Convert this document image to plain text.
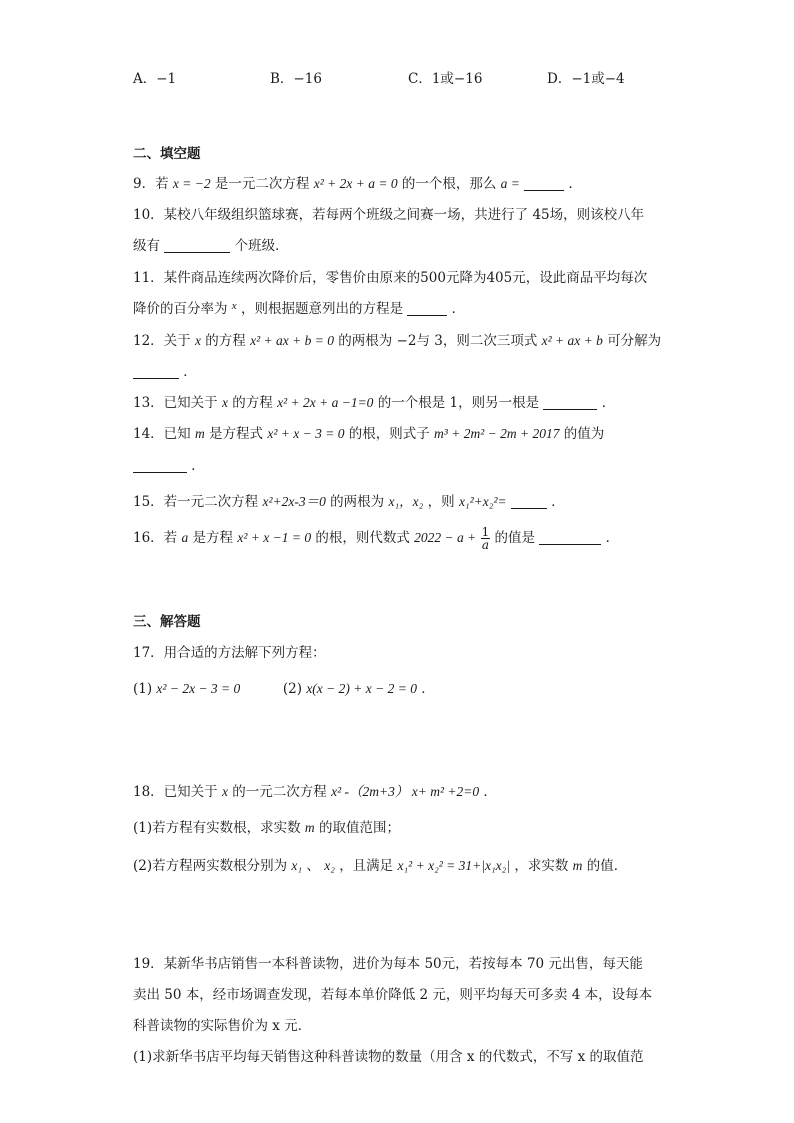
A．−1	B．−16	C．1或−16	D．−1或−4
二、填空题
9．若 x = −2 是一元二次方程 x² + 2x + a = 0 的一个根，那么 a =	．
10．某校八年级组织篮球赛，若每两个班级之间赛一场，共进行了 45场，则该校八年
级有	个班级．
11．某件商品连续两次降价后，零售价由原来的500元降为405元，设此商品平均每次
降价的百分率为 $^x$ ，则根据题意列出的方程是	．
12．关于 x 的方程 x² + ax + b = 0 的两根为 −2与 3，则二次三项式 x² + ax + b 可分解为
．
13．已知关于 x 的方程 x² + 2x + a −1=0 的一个根是 1，则另一根是	．
14．已知 m 是方程式 x² + x − 3 = 0 的根，则式子 m³ + 2m² − 2m + 2017 的值为
．
15．若一元二次方程 x²+2x-3＝0 的两根为 x₁，x₂ ，则 x₁²+x₂²=	．
16．若 a 是方程 x² + x −1 = 0 的根，则代数式 $2022 - a + \frac{1}{a}$ 的值是	．
三、解答题
17．用合适的方法解下列方程：
(1) x² − 2x − 3 = 0	(2) x(x − 2) + x − 2 = 0 ．
18．已知关于 x 的一元二次方程 x² -（2m+3） x+ m² +2=0 ．
(1)若方程有实数根，求实数 m 的取值范围；
(2)若方程两实数根分别为 x₁ 、 x₂ ，且满足 x₁² + x₂² = 31+|x₁x₂| ，求实数 m 的值．
19．某新华书店销售一本科普读物，进价为每本 50元，若按每本 70 元出售，每天能
卖出 50 本，经市场调查发现，若每本单价降低 2 元，则平均每天可多卖 4 本，设每本
科普读物的实际售价为 x 元．
(1)求新华书店平均每天销售这种科普读物的数量（用含 x 的代数式，不写 x 的取值范
